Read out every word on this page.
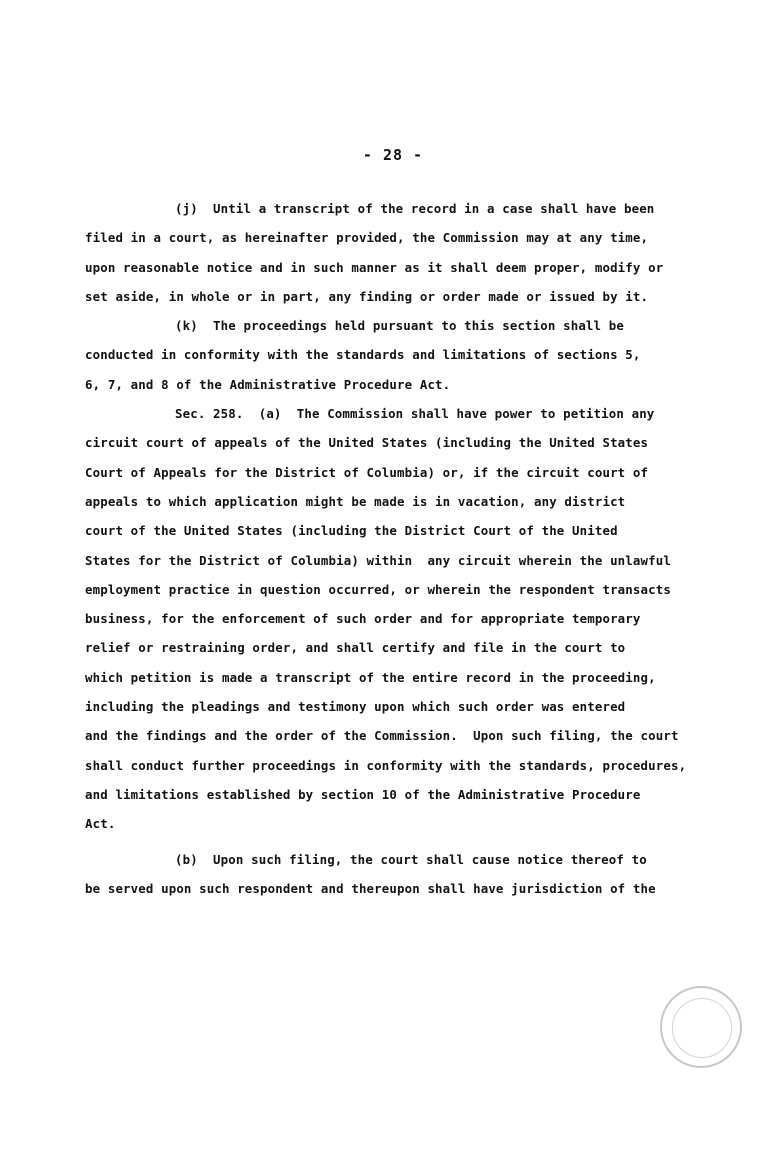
- 28 -
(j)  Until a transcript of the record in a case shall have been
filed in a court, as hereinafter provided, the Commission may at any time,
upon reasonable notice and in such manner as it shall deem proper, modify or
set aside, in whole or in part, any finding or order made or issued by it.
(k)  The proceedings held pursuant to this section shall be
conducted in conformity with the standards and limitations of sections 5,
6, 7, and 8 of the Administrative Procedure Act.
Sec. 258.  (a)  The Commission shall have power to petition any
circuit court of appeals of the United States (including the United States
Court of Appeals for the District of Columbia) or, if the circuit court of
appeals to which application might be made is in vacation, any district
court of the United States (including the District Court of the United
States for the District of Columbia) within  any circuit wherein the unlawful
employment practice in question occurred, or wherein the respondent transacts
business, for the enforcement of such order and for appropriate temporary
relief or restraining order, and shall certify and file in the court to
which petition is made a transcript of the entire record in the proceeding,
including the pleadings and testimony upon which such order was entered
and the findings and the order of the Commission.  Upon such filing, the court
shall conduct further proceedings in conformity with the standards, procedures,
and limitations established by section 10 of the Administrative Procedure
Act.
(b)  Upon such filing, the court shall cause notice thereof to
be served upon such respondent and thereupon shall have jurisdiction of the
